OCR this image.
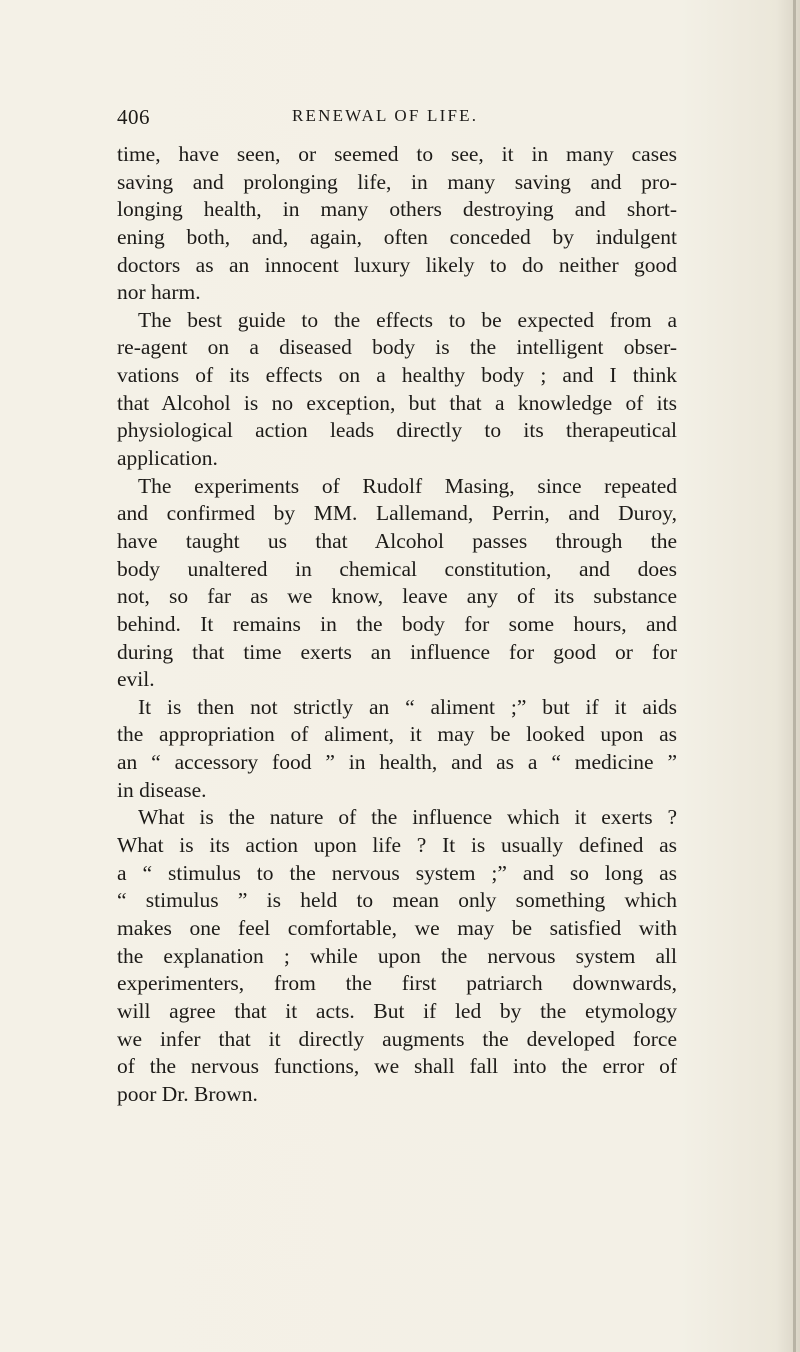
406	RENEWAL OF LIFE.
time, have seen, or seemed to see, it in many cases
saving and prolonging life, in many saving and pro-
longing health, in many others destroying and short-
ening both, and, again, often conceded by indulgent
doctors as an innocent luxury likely to do neither good
nor harm.
The best guide to the effects to be expected from a
re-agent on a diseased body is the intelligent obser-
vations of its effects on a healthy body ; and I think
that Alcohol is no exception, but that a knowledge of its
physiological action leads directly to its therapeutical
application.
The experiments of Rudolf Masing, since repeated
and confirmed by MM. Lallemand, Perrin, and Duroy,
have taught us that Alcohol passes through the
body unaltered in chemical constitution, and does
not, so far as we know, leave any of its substance
behind. It remains in the body for some hours, and
during that time exerts an influence for good or for
evil.
It is then not strictly an “ aliment ;” but if it aids
the appropriation of aliment, it may be looked upon as
an “ accessory food ” in health, and as a “ medicine ”
in disease.
What is the nature of the influence which it exerts ?
What is its action upon life ? It is usually defined as
a “ stimulus to the nervous system ;” and so long as
“ stimulus ” is held to mean only something which
makes one feel comfortable, we may be satisfied with
the explanation ; while upon the nervous system all
experimenters, from the first patriarch downwards,
will agree that it acts. But if led by the etymology
we infer that it directly augments the developed force
of the nervous functions, we shall fall into the error of
poor Dr. Brown.
